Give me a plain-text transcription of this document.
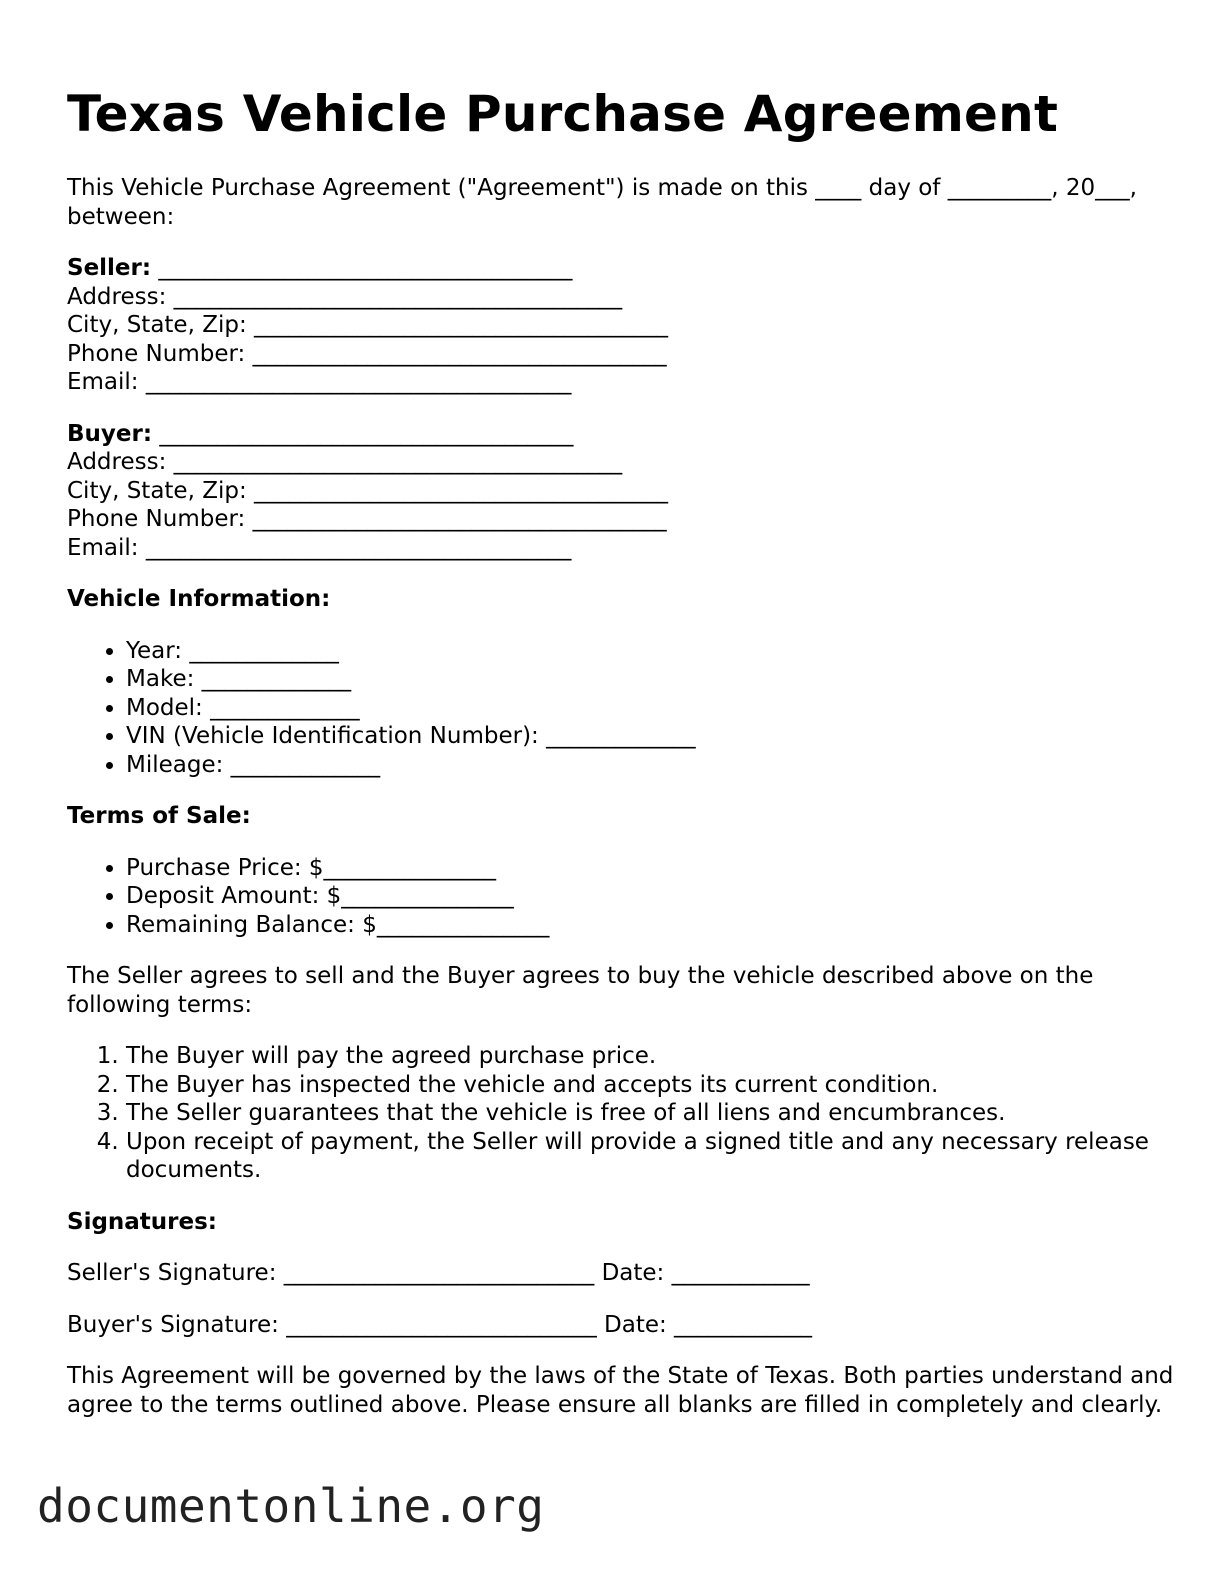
Texas Vehicle Purchase Agreement

This Vehicle Purchase Agreement ("Agreement") is made on this ____ day of _________, 20___, between:

Seller: ____________________________________
Address: _______________________________________
City, State, Zip: ____________________________________
Phone Number: ____________________________________
Email: _____________________________________
Buyer: ____________________________________
Address: _______________________________________
City, State, Zip: ____________________________________
Phone Number: ____________________________________
Email: _____________________________________

Vehicle Information:

• Year: _____________
• Make: _____________
• Model: _____________
• VIN (Vehicle Identification Number): _____________
• Mileage: _____________

Terms of Sale:

• Purchase Price: $_______________
• Deposit Amount: $_______________
• Remaining Balance: $_______________

The Seller agrees to sell and the Buyer agrees to buy the vehicle described above on the following terms:

1. The Buyer will pay the agreed purchase price.
2. The Buyer has inspected the vehicle and accepts its current condition.
3. The Seller guarantees that the vehicle is free of all liens and encumbrances.
4. Upon receipt of payment, the Seller will provide a signed title and any necessary release documents.

Signatures:

Seller's Signature: ___________________________ Date: ____________
Buyer's Signature: ___________________________ Date: ____________

This Agreement will be governed by the laws of the State of Texas. Both parties understand and agree to the terms outlined above. Please ensure all blanks are filled in completely and clearly.

documentonline.org
